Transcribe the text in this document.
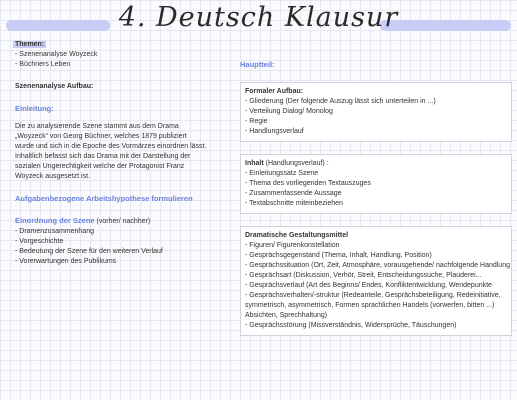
4. Deutsch Klausur
Themen:
- Szenenanalyse Woyzeck
- Büchners Leben
Szenenanalyse Aufbau:
Einleitung:
Die zu analysierende Szene stammt aus dem Drama
„Woyzeck“ von Georg Büchner, welches 1879 publiziert
wurde und sich in die Epoche des Vormärzes einordnen lässt.
Inhaltlich befasst sich das Drama mit der Darstellung der
sozialen Ungerechtigkeit welche der Protagonist Franz
Woyzeck ausgesetzt ist.
Aufgabenbezogene Arbeitshypothese formulieren
Einordnung der Szene (vorher/ nachher)
- Dramenzusammenhang
- Vorgeschichte
- Bedeutung der Szene für den weiteren Verlauf
- Vorerwartungen des Publikums
Hauptteil:
Formaler Aufbau:
- Gliederung (Der folgende Auszug lässt sich unterteilen in ...)
- Verteilung Dialog/ Monolog
- Regie
- Handlungsverlauf
Inhalt (Handlungsverlauf) :
- Einleitungssatz Szene
- Thema des vorliegenden Textauszuges
- Zusammenfassende Aussage
- Textabschnitte miteinbeziehen
Dramatische Gestaltungsmittel
- Figuren/ Figurenkonstellation
- Gesprächsgegenstand (Thema, Inhalt, Handlung, Position)
- Gesprächssituation (Ort, Zeit, Atmosphäre, vorausgehende/ nachfolgende Handlung
- Gesprächsart (Diskussion, Verhör, Streit, Entscheidungssuche, Plauderei...
- Gesprächsverlauf (Art des Beginns/ Endes, Konfliktentwicklung, Wendepunkte
- Gesprächsverhalten/-struktur (Redeanteile, Gesprächsbeteiligung, Redeinitiative,
symmetrisch, asymmetrisch, Formen sprachlichen Handels (vorwerfen, bitten ...)
Absichten, Sprechhaltung)
- Gesprächsstörung (Missverständnis, Widersprüche, Täuschungen)
